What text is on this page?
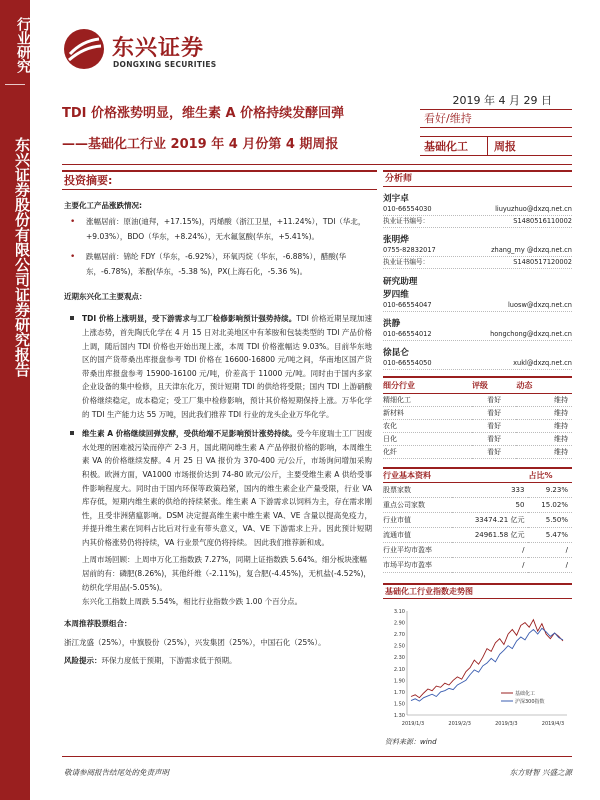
行业研究
东兴证券股份有限公司证券研究报告
东兴证券
DONGXING SECURITIES
TDI 价格涨势明显，维生素 A 价格持续发酵回弹
——基础化工行业 2019 年 4 月份第 4 期周报
2019 年 4 月 29 日
看好/维持
基础化工	周报
投资摘要:
主要化工产品涨跌情况:
• 涨幅居前：原油(迪拜，+17.15%)，丙烯酸（浙江卫星，+11.24%），TDI（华北，+9.03%），BDO（华东，+8.24%），无水氟氢酸(华东，+5.41%)。
• 跌幅居前：锦纶 FDY（华东，-6.92%），环氧丙烷（华东，-6.88%），醋酸(华东，-6.78%)，苯酚(华东，-5.38 %)，PX(上海石化，-5.36 %)。
近期东兴化工主要观点：
TDI 价格上涨明显，受下游需求与工厂检修影响预计强势持续。TDI 价格近期呈现加速上涨态势，首先陶氏化学在 4 月 15 日对北美地区中有苯胺和包装类型的 TDI 产品价格上调，随后国内 TDI 价格也开始出现上涨，本周 TDI 价格涨幅达 9.03%。目前华东地区的国产货带桑出库报盘参考 TDI 价格在 16600-16800 元/吨之间，华南地区国产货带桑出库报盘参考 15900-16100 元/吨，价差高于 11000 元/吨。同时由于国内多家企业设备的集中检修，且天津东化万，预计短期 TDI 的供给将受限；国内 TDI 上游硝酸价格继续稳定，成本稳定；受工厂集中检修影响，预计其价格短期保持上涨。万华化学的 TDI 生产能力达 55 万吨，因此我们推荐 TDI 行业的龙头企业万华化学。
维生素 A 价格继续回弹发酵，受供给端不足影响预计涨势持续。受今年度瑞士工厂因废水处理的困难被污染而停产 2-3 月，国此期间维生素 A 产品停报价格的影响，本周维生素 VA 的价格继续发酵。4 月 25 日 VA 报价为 370-400 元/公斤，市场询问增加采购积极。欧洲方面，VA1000 市场报价达到 74-80 欧元/公斤，主要受维生素 A 供给受事件影响程度大。同时由于国内环保等政策趋紧，国内的维生素企业产量受限，行业 VA 库存低，短期内维生素的供给的持续紧张。维生素 A 下游需求以饲料为主，存在需求刚性，且受非洲猪瘟影响。DSM 决定提高维生素中维生素 VA、VE 含量以提高免疫力，并提升维生素在饲料占比后对行业有带头意义，VA、VE 下游需求上升。因此预计短期内其价格涨势仍将持续，VA 行业景气度仍将持续。 因此我们推荐新和成。
上周市场回顾：上周申万化工指数跌 7.27%，同期上证指数跌 5.64%。细分板块涨幅居前的有：磷肥(8.26%)，其他纤维（-2.11%)，复合肥(-4.45%)，无机盐(-4.52%)，纺织化学用品(-5.05%)。
东兴化工指数上周跌 5.54%，相比行业指数少跌 1.00 个百分点。
本周推荐股票组合：
浙江龙盛（25%），中旗股份（25%），兴发集团（25%），中国石化（25%）。
风险提示：环保力度低于预期，下游需求低于预期。
分析师
刘宇卓
010-66554030	liuyuzhuo@dxzq.net.cn
执业证书编号：	S1480516110002
张明烨
0755-82832017	zhang_my @dxzq.net.cn
执业证书编号：	S1480517120002
研究助理
罗四维
010-66554047	luosw@dxzq.net.cn
洪静
010-66554012	hongchong@dxzq.net.cn
徐昆仑
010-66554050	xukl@dxzq.net.cn
细分行业	评级	动态
精细化工	看好	维持
新材料	看好	维持
农化	看好	维持
日化	看好	维持
化纤	看好	维持
行业基本资料		占比%
股票家数	333	9.23%
重点公司家数	50	15.02%
行业市值	33474.21 亿元	5.50%
流通市值	24961.58 亿元	5.47%
行业平均市盈率	/	/
市场平均市盈率	/	/
基础化工行业指数走势图
3.10
2.90
2.70
2.50
2.30
2.10
1.90
1.70
1.50
1.30
2019/1/3	2019/2/3	2019/3/3	2019/4/3
基础化工
沪深300指数
资料来源：wind
敬请参阅报告结尾处的免责声明	东方财智 兴盛之源
